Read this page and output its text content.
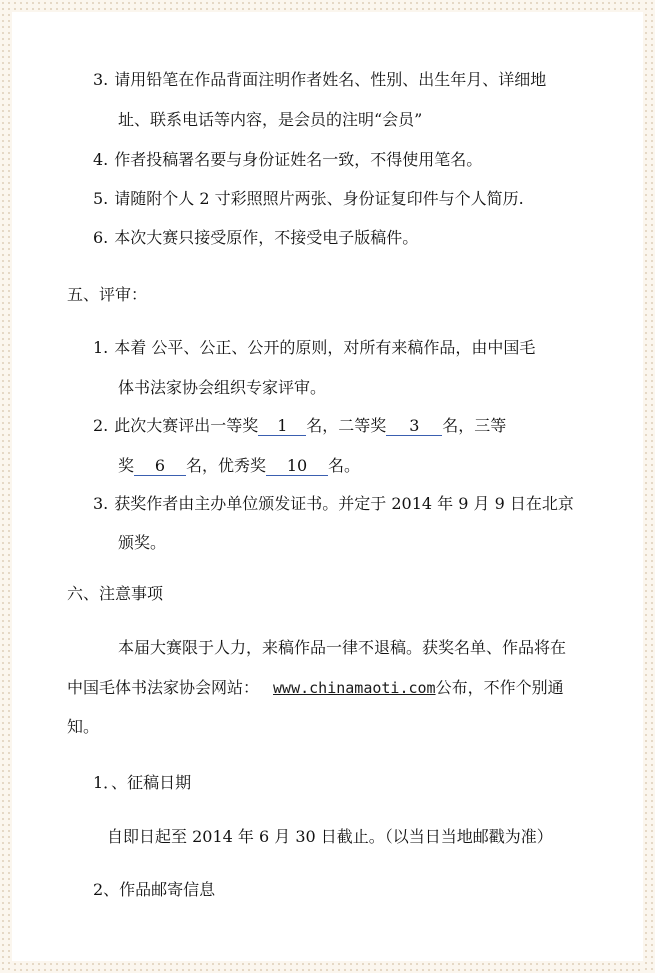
3. 请用铅笔在作品背面注明作者姓名、性别、出生年月、详细地
址、联系电话等内容，是会员的注明“会员”
4. 作者投稿署名要与身份证姓名一致，不得使用笔名。
5. 请随附个人 2 寸彩照照片两张、身份证复印件与个人简历.
6. 本次大赛只接受原作，不接受电子版稿件。
五、评审：
1. 本着 公平、公正、公开的原则，对所有来稿作品，由中国毛
体书法家协会组织专家评审。
2. 此次大赛评出一等奖 1 名，二等奖 3 名，三等
奖 6 名，优秀奖 10 名。
3. 获奖作者由主办单位颁发证书。并定于 2014 年 9 月 9 日在北京
颁奖。
六、注意事项
本届大赛限于人力，来稿作品一律不退稿。获奖名单、作品将在
中国毛体书法家协会网站： www.chinamaoti.com公布，不作个别通
知。
1．、征稿日期
自即日起至 2014 年 6 月 30 日截止。（以当日当地邮戳为准）
2、作品邮寄信息
